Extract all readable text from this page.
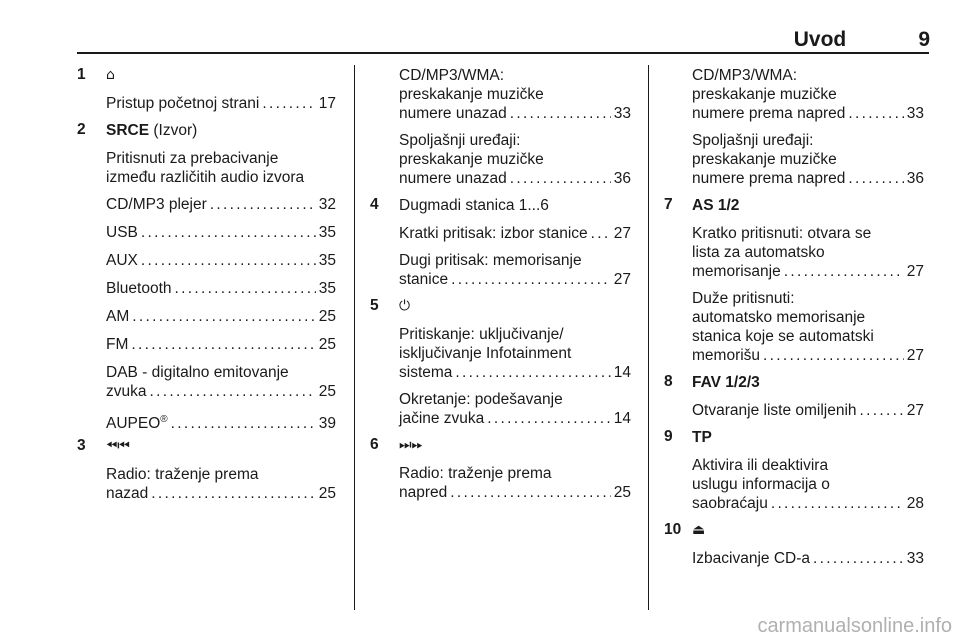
Uvod	9
1 ⌂
Pristup početnoj strani . . .	17
2 SRCE (Izvor)
Pritisnuti za prebacivanje
između različitih audio izvora
CD/MP3 plejer . . .	32
USB . . .	35
AUX . . .	35
Bluetooth . . .	35
AM . . .	25
FM . . .	25
DAB - digitalno emitovanje
zvuka . . .	25
AUPEO® . . .	39
3 ⏪︎⏮︎
Radio: traženje prema
nazad . . .	25
CD/MP3/WMA:
preskakanje muzičke
numere unazad . . .	33
Spoljašnji uređaji:
preskakanje muzičke
numere unazad . . .	36
4 Dugmadi stanica 1...6
Kratki pritisak: izbor stanice . . . 27
Dugi pritisak: memorisanje
stanice . . .	27
5 ⏻
Pritiskanje: uključivanje/
isključivanje Infotainment
sistema . . .	14
Okretanje: podešavanje
jačine zvuka . . .	14
6 ⏭︎⏩︎
Radio: traženje prema
napred . . .	25
CD/MP3/WMA:
preskakanje muzičke
numere prema napred . . .	33
Spoljašnji uređaji:
preskakanje muzičke
numere prema napred . . .	36
7 AS 1/2
Kratko pritisnuti: otvara se
lista za automatsko
memorisanje . . .	27
Duže pritisnuti:
automatsko memorisanje
stanica koje se automatski
memorišu . . .	27
8 FAV 1/2/3
Otvaranje liste omiljenih . . .	27
9 TP
Aktivira ili deaktivira
uslugu informacija o
saobraćaju . . .	28
10 ⏏
Izbacivanje CD-a . . .	33
carmanualsonline.info
